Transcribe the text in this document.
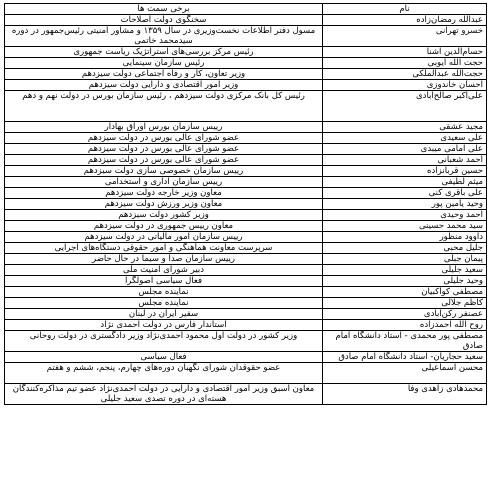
برخی سمت ها	نام
سخنگوی دولت اصلاحات	عبدالله رمضان‌زاده
مسول دفتر اطلاعات نخست‌وزیری در سال ۱۳۵۹ و مشاور امنیتی رئیس‌جمهور در دوره سید‌محمد خاتمی	خسرو تهرانی
رئیس مرکز بررسی‌های استراتژیک ریاست جمهوری	حسام‌الدین آشنا
رئیس سازمان سینمایی	حجت الله ایوبی
وزیر تعاون، کار و رفاه اجتماعی دولت سیزدهم	حجت‌الله عبدالملکی
وزیر امور اقتصادی و دارایی دولت سیزدهم	احسان خاندوزی
رئیس کل بانک مرکزی دولت سیزدهم ، رئیس سازمان بورس در دولت نهم و دهم	علی‌اکبر صالح‌آبادی
رییس سازمان بورس اوراق بهادار	مجید عشقی
عضو شورای عالی بورس در دولت سیزدهم	علی سعیدی
عضو شورای عالی بورس در دولت سیزدهم	علی امامی میبدی
عضو شورای عالی بورس در دولت سیزدهم	احمد شعبانی
رییس سازمان خصوصی سازی دولت سیزدهم	حسین قربانزاده
رییس سازمان اداری و استخدامی	میثم لطیفی
معاون وزیر خارجه دولت سیزدهم	علی باقری کنی
معاون وزیر ورزش دولت سیزدهم	وحید یامین پور
وزیر کشور دولت سیزدهم	احمد وحیدی
معاون رییس جمهوری در دولت سیزدهم	سید محمد حسینی
رییس سازمان امور مالیاتی در دولت سیزدهم	داوود منظور
سرپرست معاونت هماهنگی و امور حقوقی دستگاه‌های اجرایی	جلیل محبی
رییس سازمان صدا و سیما در حال حاضر	پیمان جبلی
دبیر شورای امنیت ملی	سعید جلیلی
فعال سیاسی اصولگرا	وحید جلیلی
نماینده مجلس	مصطفی کواکبیان
نماینده مجلس	کاظم جلالی
سفیر ایران در لبنان	عصنفر رکن‌آبادی
استاندار فارس در دولت احمدی نژاد	روح الله احمدزاده
وزیر کشور در دولت اول محمود احمدی‌نژاد وزیر دادگستری در دولت روحانی	مصطفی پور محمدی - استاد دانشگاه امام صادق
فعال سیاسی	سعید حجاریان- استاد دانشگاه امام صادق
عضو حقوقدان شورای نگهبان دوره‌های چهارم، پنجم، ششم و هفتم	محسن اسماعیلی
معاون اسبق وزیر امور اقتصادی و دارایی در دولت احمدی‌نژاد عضو تیم مذاکره‌کنندگان هسته‌ای در دوره تصدی سعید جلیلی	محمدهادی زاهدی وفا
